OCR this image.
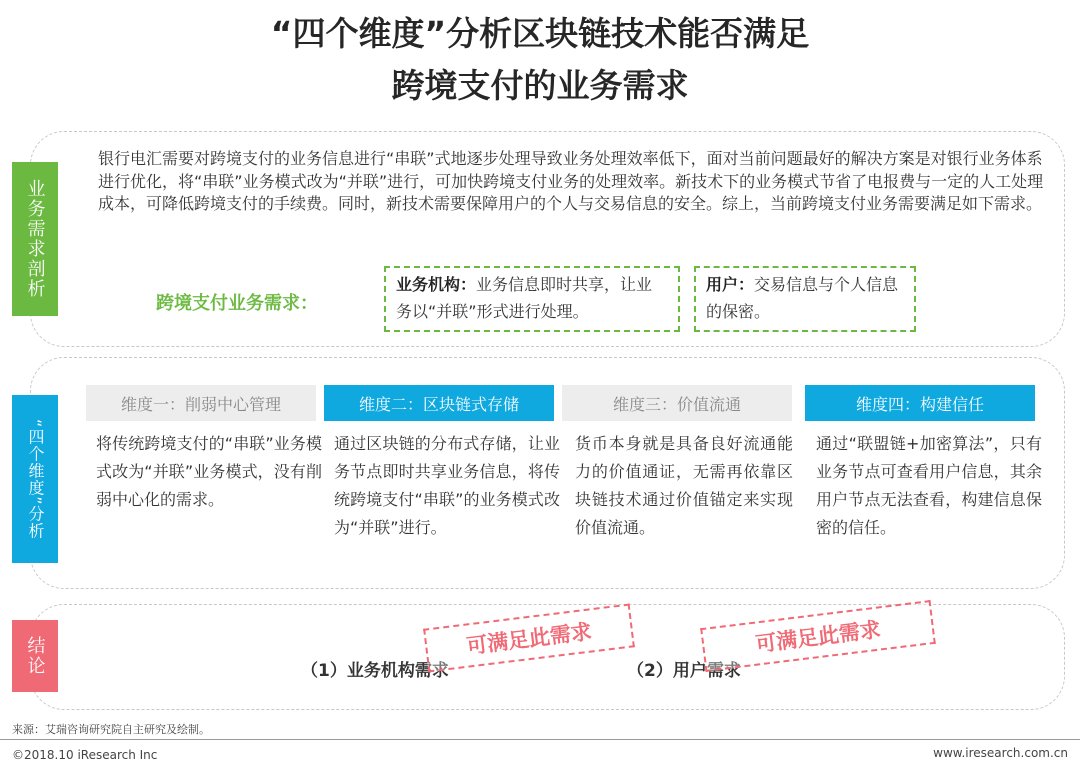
“四个维度”分析区块链技术能否满足
跨境支付的业务需求
业务需求剖析
银行电汇需要对跨境支付的业务信息进行“串联”式地逐步处理导致业务处理效率低下，面对当前问题最好的解决方案是对银行业务体系进行优化，将“串联”业务模式改为“并联”进行，可加快跨境支付业务的处理效率。新技术下的业务模式节省了电报费与一定的人工处理成本，可降低跨境支付的手续费。同时，新技术需要保障用户的个人与交易信息的安全。综上，当前跨境支付业务需要满足如下需求。
跨境支付业务需求：
业务机构：业务信息即时共享，让业务以“并联”形式进行处理。
用户：交易信息与个人信息的保密。
“四个维度”分析
维度一：削弱中心管理	维度二：区块链式存储	维度三：价值流通	维度四：构建信任
将传统跨境支付的“串联”业务模式改为“并联”业务模式，没有削弱中心化的需求。
通过区块链的分布式存储，让业务节点即时共享业务信息，将传统跨境支付“串联”的业务模式改为“并联”进行。
货币本身就是具备良好流通能力的价值通证，无需再依靠区块链技术通过价值锚定来实现价值流通。
通过“联盟链+加密算法”，只有业务节点可查看用户信息，其余用户节点无法查看，构建信息保密的信任。
结论	（1）业务机构需求	（2）用户需求
可满足此需求	可满足此需求
来源：艾瑞咨询研究院自主研究及绘制。
©2018.10 iResearch Inc	www.iresearch.com.cn
